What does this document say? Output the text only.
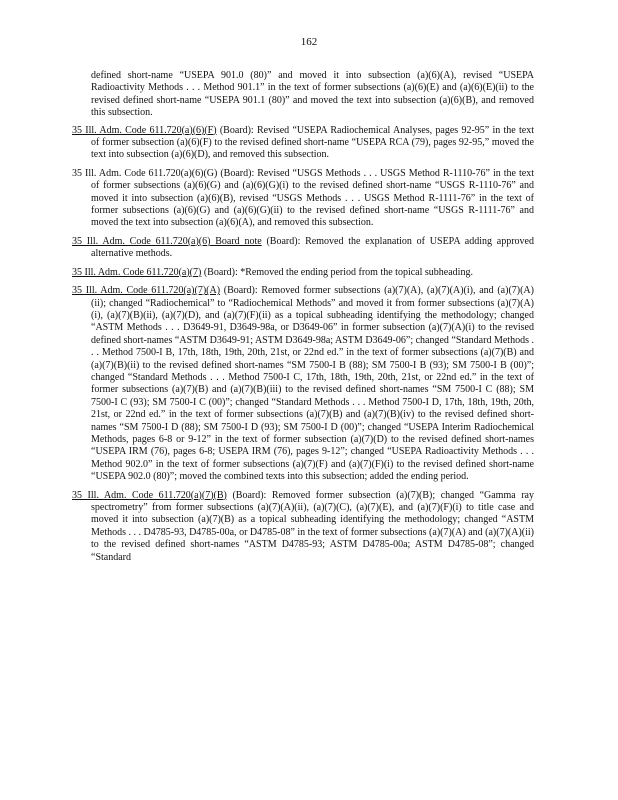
162

defined short-name “USEPA 901.0 (80)” and moved it into subsection (a)(6)(A), revised “USEPA Radioactivity Methods . . . Method 901.1” in the text of former subsections (a)(6)(E) and (a)(6)(E)(ii) to the revised defined short-name “USEPA 901.1 (80)” and moved the text into subsection (a)(6)(B), and removed this subsection.

35 Ill. Adm. Code 611.720(a)(6)(F) (Board): Revised “USEPA Radiochemical Analyses, pages 92-95” in the text of former subsection (a)(6)(F) to the revised defined short-name “USEPA RCA (79), pages 92-95,” moved the text into subsection (a)(6)(D), and removed this subsection.

35 Ill. Adm. Code 611.720(a)(6)(G) (Board): Revised “USGS Methods . . . USGS Method R-1110-76” in the text of former subsections (a)(6)(G) and (a)(6)(G)(i) to the revised defined short-name “USGS R-1110-76” and moved it into subsection (a)(6)(B), revised “USGS Methods . . . USGS Method R-1111-76” in the text of former subsections (a)(6)(G) and (a)(6)(G)(ii) to the revised defined short-name “USGS R-1111-76” and moved the text into subsection (a)(6)(A), and removed this subsection.

35 Ill. Adm. Code 611.720(a)(6) Board note (Board): Removed the explanation of USEPA adding approved alternative methods.

35 Ill. Adm. Code 611.720(a)(7) (Board): *Removed the ending period from the topical subheading.

35 Ill. Adm. Code 611.720(a)(7)(A) (Board): Removed former subsections (a)(7)(A), (a)(7)(A)(i), and (a)(7)(A)(ii); changed “Radiochemical” to “Radiochemical Methods” and moved it from former subsections (a)(7)(A)(i), (a)(7)(B)(ii), (a)(7)(D), and (a)(7)(F)(ii) as a topical subheading identifying the methodology; changed “ASTM Methods . . . D3649-91, D3649-98a, or D3649-06” in former subsection (a)(7)(A)(i) to the revised defined short-names “ASTM D3649-91; ASTM D3649-98a; ASTM D3649-06”; changed “Standard Methods . . . Method 7500-I B, 17th, 18th, 19th, 20th, 21st, or 22nd ed.” in the text of former subsections (a)(7)(B) and (a)(7)(B)(ii) to the revised defined short-names “SM 7500-I B (88); SM 7500-I B (93); SM 7500-I B (00)”; changed “Standard Methods . . . Method 7500-I C, 17th, 18th, 19th, 20th, 21st, or 22nd ed.” in the text of former subsections (a)(7)(B) and (a)(7)(B)(iii) to the revised defined short-names “SM 7500-I C (88); SM 7500-I C (93); SM 7500-I C (00)”; changed “Standard Methods . . . Method 7500-I D, 17th, 18th, 19th, 20th, 21st, or 22nd ed.” in the text of former subsections (a)(7)(B) and (a)(7)(B)(iv) to the revised defined short-names “SM 7500-I D (88); SM 7500-I D (93); SM 7500-I D (00)”; changed “USEPA Interim Radiochemical Methods, pages 6-8 or 9-12” in the text of former subsection (a)(7)(D) to the revised defined short-names “USEPA IRM (76), pages 6-8; USEPA IRM (76), pages 9-12”; changed “USEPA Radioactivity Methods . . . Method 902.0” in the text of former subsections (a)(7)(F) and (a)(7)(F)(i) to the revised defined short-name “USEPA 902.0 (80)”; moved the combined texts into this subsection; added the ending period.

35 Ill. Adm. Code 611.720(a)(7)(B) (Board): Removed former subsection (a)(7)(B); changed “Gamma ray spectrometry” from former subsections (a)(7)(A)(ii), (a)(7)(C), (a)(7)(E), and (a)(7)(F)(i) to title case and moved it into subsection (a)(7)(B) as a topical subheading identifying the methodology; changed “ASTM Methods . . . D4785-93, D4785-00a, or D4785-08” in the text of former subsections (a)(7)(A) and (a)(7)(A)(ii) to the revised defined short-names “ASTM D4785-93; ASTM D4785-00a; ASTM D4785-08”; changed “Standard
